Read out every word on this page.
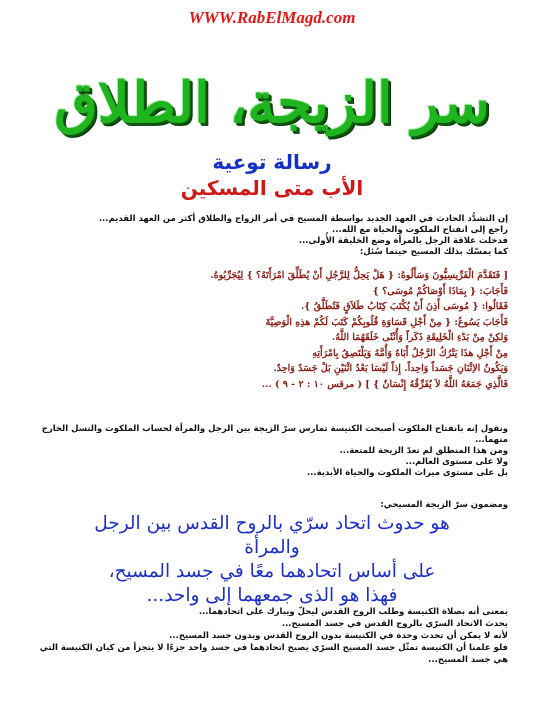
WWW.RabElMagd.com
سر الزيجة، الطلاق
رسالة توعية
الأب متى المسكين

إن التشدُّد الحادث في العهد الجديد بواسطة المسيح في أمر الزواج والطلاق أكثر من العهد القديم...

راجع إلى انفتاح الملكوت والحياة مع الله...

فدخلت علاقة الرجل بالمرأة وضع الخليقة الأُولى...

كما يمسّك بذلك المسيح حينما سُئل:

[ فَتَقَدَّمَ الْفَرِّيسِيُّونَ وَسَأَلُوهُ: { هَلْ يَحِلُّ لِلرَّجُلِ أَنْ يُطَلِّقَ امْرَأَتَهُ؟ } لِيُجَرِّبُوهُ.

فَأَجَابَ: { بِمَاذَا أَوْصَاكُمْ مُوسَى؟ }

فَقَالُوا: { مُوسَى أَذِنَ أَنْ يُكْتَبَ كِتَابُ طَلاَقٍ فَتُطَلَّقُ }.

فَأَجَابَ يَسُوعُ: { مِنْ أَجْلِ قَسَاوَةِ قُلُوبِكُمْ كَتَبَ لَكُمْ هذِهِ الْوَصِيَّةَ

وَلكِنْ مِنْ بَدْءِ الْخَلِيقَةِ ذَكَراً وَأُنْثَى خَلَقَهُمَا اللَّهُ.

مِنْ أَجْلِ هذَا يَتْرُكُ الرَّجُلُ أَبَاهُ وَأُمَّهُ وَيَلْتَصِقُ بِامْرَأَتِهِ

وَيَكُونُ الاِثْنَانِ جَسَداً وَاحِداً. إِذاً لَيْسَا بَعْدُ اثْنَيْنِ بَلْ جَسَدٌ وَاحِدٌ.

فَالَّذِي جَمَعَهُ اللَّهُ لاَ يُفَرِّقُهُ إِنْسَانٌ } ] ( مرقس ١٠ : ٢ - ٩ ) ...

ونقول إنه بانفتاح الملكوت أصبحت الكنيسة تمارس سرّ الزيجة بين الرجل والمرأة لحساب الملكوت والنسل الخارج منهما...

ومن هذا المنطلق لم تعدّ الزيجة للمتعة...

ولا على مستوى العالم...

بل على مستوى ميراث الملكوت والحياة الأبدية...

ومضمون سرّ الزيجة المسيحي:

هو حدوث اتحاد سرّي بالروح القدس بين الرجل

والمرأة

على أساس اتحادهما معًا في جسد المسيح،

فهذا هو الذى جمعهما إلى واحد...

بمعنى أنه بصلاة الكنيسة وطلب الروح القدس ليحلّ ويبارك على اتحادهما...

يحدث الاتحاد السرّي بالروح القدس في جسد المسيح...

لأنه لا يمكن أن تحدث وحدة في الكنيسة بدون الروح القدس وبدون جسد المسيح...

فلو علمنا أن الكنيسة تمثّل جسد المسيح السرّي يصبح اتحادهما في جسد واحد جزءًا لا يتجزأ من كيان الكنيسة التي هي جسد المسيح...
